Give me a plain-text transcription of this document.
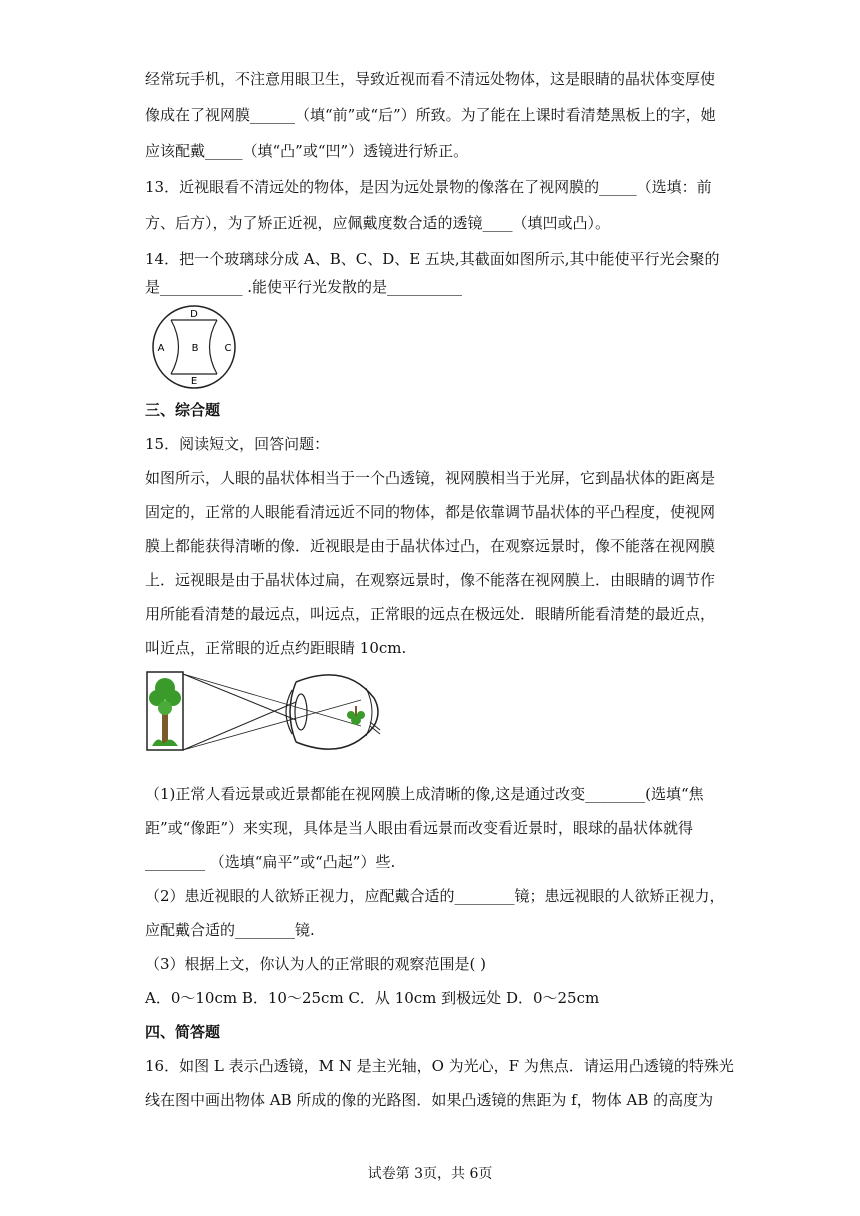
经常玩手机，不注意用眼卫生，导致近视而看不清远处物体，这是眼睛的晶状体变厚使
像成在了视网膜______（填“前”或“后”）所致。为了能在上课时看清楚黑板上的字，她
应该配戴_____（填“凸”或“凹”）透镜进行矫正。
13．近视眼看不清远处的物体，是因为远处景物的像落在了视网膜的_____（选填：前
方、后方），为了矫正近视，应佩戴度数合适的透镜____（填凹或凸）。
14．把一个玻璃球分成 A、B、C、D、E 五块,其截面如图所示,其中能使平行光会聚的
是___________ .能使平行光发散的是__________
D
A	B	C
E
三、综合题
15．阅读短文，回答问题：
如图所示，人眼的晶状体相当于一个凸透镜，视网膜相当于光屏，它到晶状体的距离是
固定的，正常的人眼能看清远近不同的物体，都是依靠调节晶状体的平凸程度，使视网
膜上都能获得清晰的像．近视眼是由于晶状体过凸，在观察远景时，像不能落在视网膜
上．远视眼是由于晶状体过扁，在观察远景时，像不能落在视网膜上．由眼睛的调节作
用所能看清楚的最远点，叫远点，正常眼的远点在极远处．眼睛所能看清楚的最近点，
叫近点，正常眼的近点约距眼睛 10cm.
（1)正常人看远景或近景都能在视网膜上成清晰的像,这是通过改变________(选填“焦
距”或“像距”）来实现，具体是当人眼由看远景而改变看近景时，眼球的晶状体就得
________ （选填“扁平”或“凸起”）些.
（2）患近视眼的人欲矫正视力，应配戴合适的________镜；患远视眼的人欲矫正视力，
应配戴合适的________镜.
（3）根据上文，你认为人的正常眼的观察范围是( )
A．0～10cm B．10～25cm C．从 10cm 到极远处 D．0～25cm
四、简答题
16．如图 L 表示凸透镜，M N 是主光轴，O 为光心，F 为焦点．请运用凸透镜的特殊光
线在图中画出物体 AB 所成的像的光路图．如果凸透镜的焦距为 f，物体 AB 的高度为
试卷第 3页，共 6页
